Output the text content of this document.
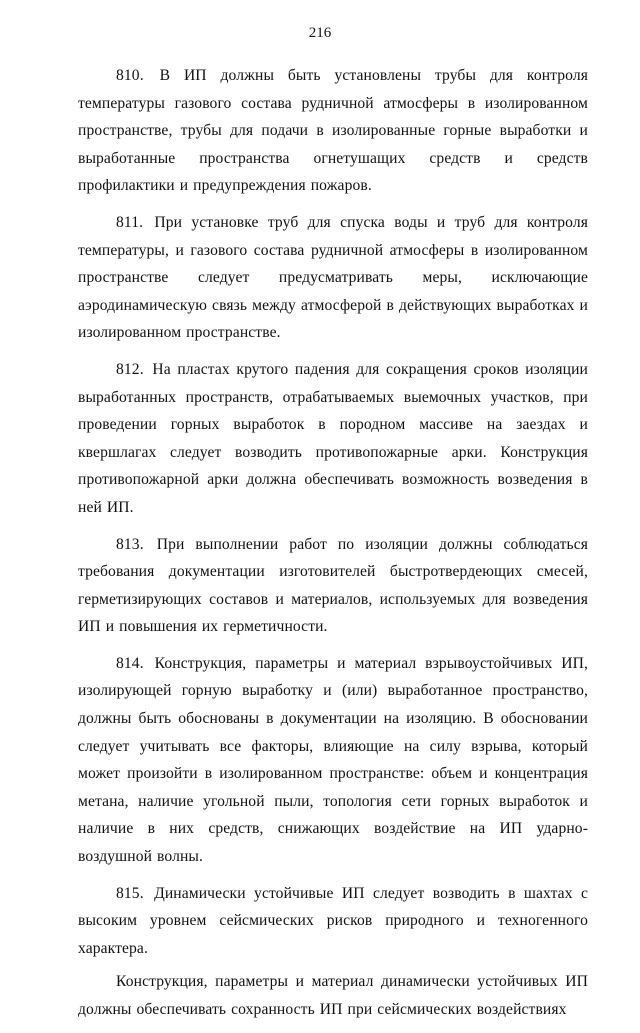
216

810. В ИП должны быть установлены трубы для контроля температуры газового состава рудничной атмосферы в изолированном пространстве, трубы для подачи в изолированные горные выработки и выработанные пространства огнетушащих средств и средств профилактики и предупреждения пожаров.

811. При установке труб для спуска воды и труб для контроля температуры, и газового состава рудничной атмосферы в изолированном пространстве следует предусматривать меры, исключающие аэродинамическую связь между атмосферой в действующих выработках и изолированном пространстве.

812. На пластах крутого падения для сокращения сроков изоляции выработанных пространств, отрабатываемых выемочных участков, при проведении горных выработок в породном массиве на заездах и квершлагах следует возводить противопожарные арки. Конструкция противопожарной арки должна обеспечивать возможность возведения в ней ИП.

813. При выполнении работ по изоляции должны соблюдаться требования документации изготовителей быстротвердеющих смесей, герметизирующих составов и материалов, используемых для возведения ИП и повышения их герметичности.

814. Конструкция, параметры и материал взрывоустойчивых ИП, изолирующей горную выработку и (или) выработанное пространство, должны быть обоснованы в документации на изоляцию. В обосновании следует учитывать все факторы, влияющие на силу взрыва, который может произойти в изолированном пространстве: объем и концентрация метана, наличие угольной пыли, топология сети горных выработок и наличие в них средств, снижающих воздействие на ИП ударно-воздушной волны.

815. Динамически устойчивые ИП следует возводить в шахтах с высоким уровнем сейсмических рисков природного и техногенного характера.

Конструкция, параметры и материал динамически устойчивых ИП должны обеспечивать сохранность ИП при сейсмических воздействиях
